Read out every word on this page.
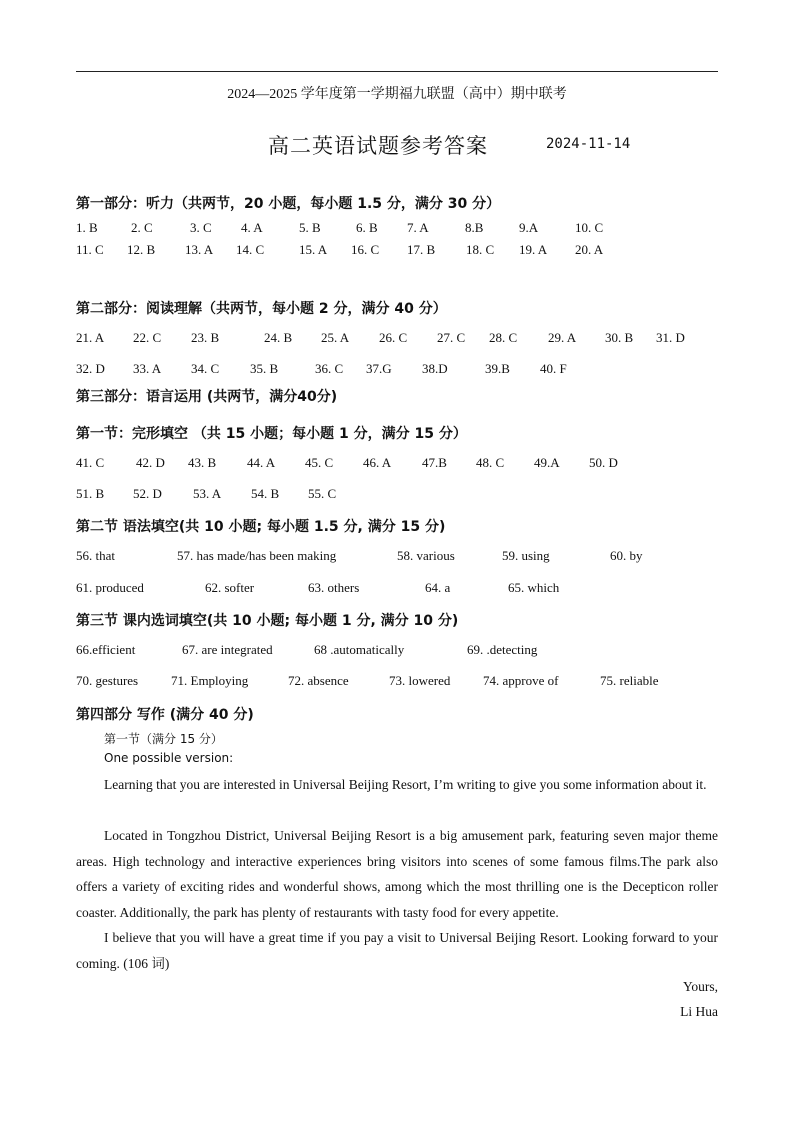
2024—2025 学年度第一学期福九联盟（高中）期中联考
高二英语试题参考答案	2024-11-14
第一部分：听力（共两节，20 小题，每小题 1.5 分，满分 30 分）
1. B	2. C	3. C 4. A	5. B	6. B 7. A	8.B	9.A	10. C
11. C 12. B 13. A 14. C	15. A 16. C 17. B 18. C 19. A 20. A
第二部分：阅读理解（共两节，每小题 2 分，满分 40 分）
21. A 22. C 23. B	24. B 25. A 26. C 27. C 28. C 29. A 30. B 31. D
32. D 33. A 34. C 35. B	36. C 37.G 38.D	39.B 40. F
第三部分：语言运用 (共两节，满分40分)
第一节：完形填空 （共 15 小题；每小题 1 分，满分 15 分）
41. C 42. D 43. B 44. A 45. C 46. A 47.B 48. C 49.A 50. D
51. B 52. D 53. A 54. B 55. C
第二节 语法填空(共 10 小题; 每小题 1.5 分, 满分 15 分)
56. that	57. has made/has been making	58. various	59. using	60. by
61. produced	62. softer	63. others	64. a	65. which
第三节 课内选词填空(共 10 小题; 每小题 1 分, 满分 10 分)
66.efficient	67. are integrated	68 .automatically	69. .detecting
70. gestures	71. Employing	72. absence	73. lowered	74. approve of	75. reliable
第四部分 写作 (满分 40 分)
第一节（满分 15 分）
One possible version:

Learning that you are interested in Universal Beijing Resort, I’m writing to give you some information about it.

Located in Tongzhou District, Universal Beijing Resort is a big amusement park, featuring seven major theme areas. High technology and interactive experiences bring visitors into scenes of some famous films.The park also offers a variety of exciting rides and wonderful shows, among which the most thrilling one is the Decepticon roller coaster. Additionally, the park has plenty of restaurants with tasty food for every appetite.

I believe that you will have a great time if you pay a visit to Universal Beijing Resort. Looking forward to your coming. (106 词)

Yours,
Li Hua
